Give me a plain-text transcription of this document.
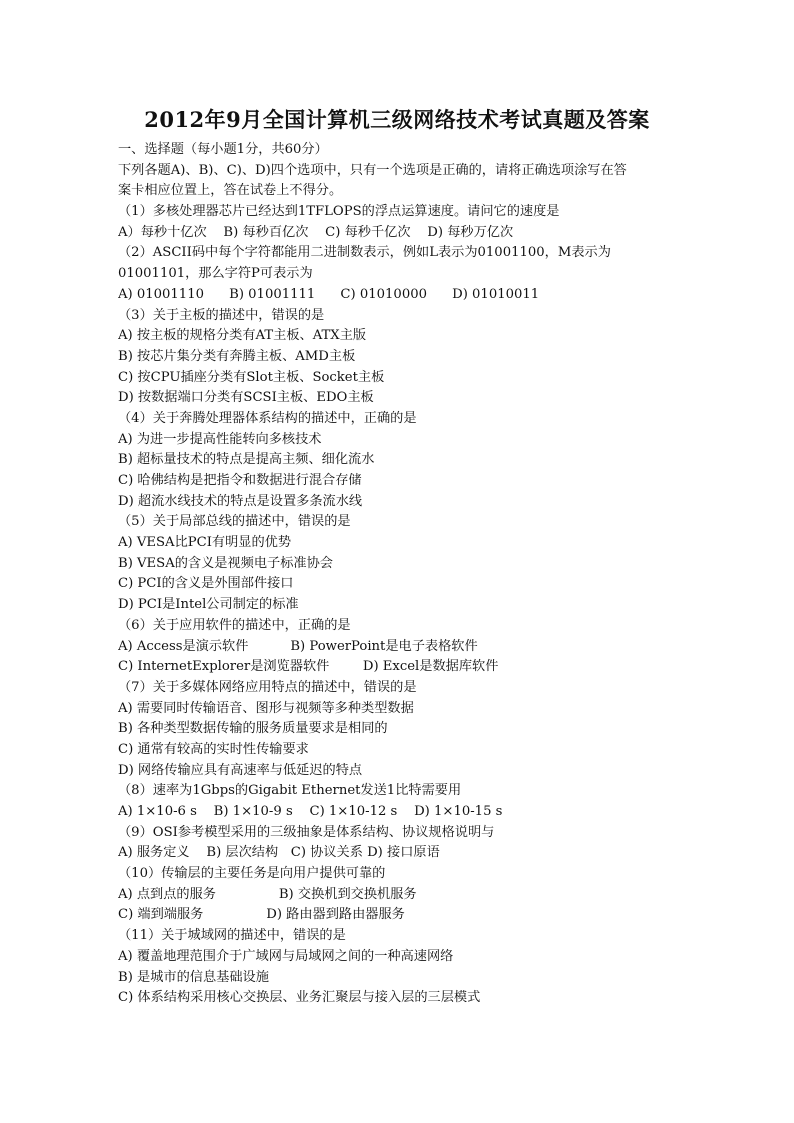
2012年9月全国计算机三级网络技术考试真题及答案
一、选择题（每小题1分，共60分）
下列各题A)、B)、C)、D)四个选项中，只有一个选项是正确的，请将正确选项涂写在答
案卡相应位置上，答在试卷上不得分。
（1）多核处理器芯片已经达到1TFLOPS的浮点运算速度。请问它的速度是
A）每秒十亿次    B) 每秒百亿次    C) 每秒千亿次    D) 每秒万亿次
（2）ASCII码中每个字符都能用二进制数表示，例如L表示为01001100，M表示为
01001101，那么字符P可表示为
A) 01001110      B) 01001111      C) 01010000      D) 01010011
（3）关于主板的描述中，错误的是
A) 按主板的规格分类有AT主板、ATX主版
B) 按芯片集分类有奔腾主板、AMD主板
C) 按CPU插座分类有Slot主板、Socket主板
D) 按数据端口分类有SCSI主板、EDO主板
（4）关于奔腾处理器体系结构的描述中，正确的是
A) 为进一步提高性能转向多核技术
B) 超标量技术的特点是提高主频、细化流水
C) 哈佛结构是把指令和数据进行混合存储
D) 超流水线技术的特点是设置多条流水线
（5）关于局部总线的描述中，错误的是
A) VESA比PCI有明显的优势
B) VESA的含义是视频电子标准协会
C) PCI的含义是外围部件接口
D) PCI是Intel公司制定的标准
（6）关于应用软件的描述中，正确的是
A) Access是演示软件          B) PowerPoint是电子表格软件
C) InternetExplorer是浏览器软件        D) Excel是数据库软件
（7）关于多媒体网络应用特点的描述中，错误的是
A) 需要同时传输语音、图形与视频等多种类型数据
B) 各种类型数据传输的服务质量要求是相同的
C) 通常有较高的实时性传输要求
D) 网络传输应具有高速率与低延迟的特点
（8）速率为1Gbps的Gigabit Ethernet发送1比特需要用
A) 1×10-6 s    B) 1×10-9 s    C) 1×10-12 s    D) 1×10-15 s
（9）OSI参考模型采用的三级抽象是体系结构、协议规格说明与
A) 服务定义    B) 层次结构   C) 协议关系 D) 接口原语
（10）传输层的主要任务是向用户提供可靠的
A) 点到点的服务               B) 交换机到交换机服务
C) 端到端服务               D) 路由器到路由器服务
（11）关于城域网的描述中，错误的是
A) 覆盖地理范围介于广域网与局域网之间的一种高速网络
B) 是城市的信息基础设施
C) 体系结构采用核心交换层、业务汇聚层与接入层的三层模式
